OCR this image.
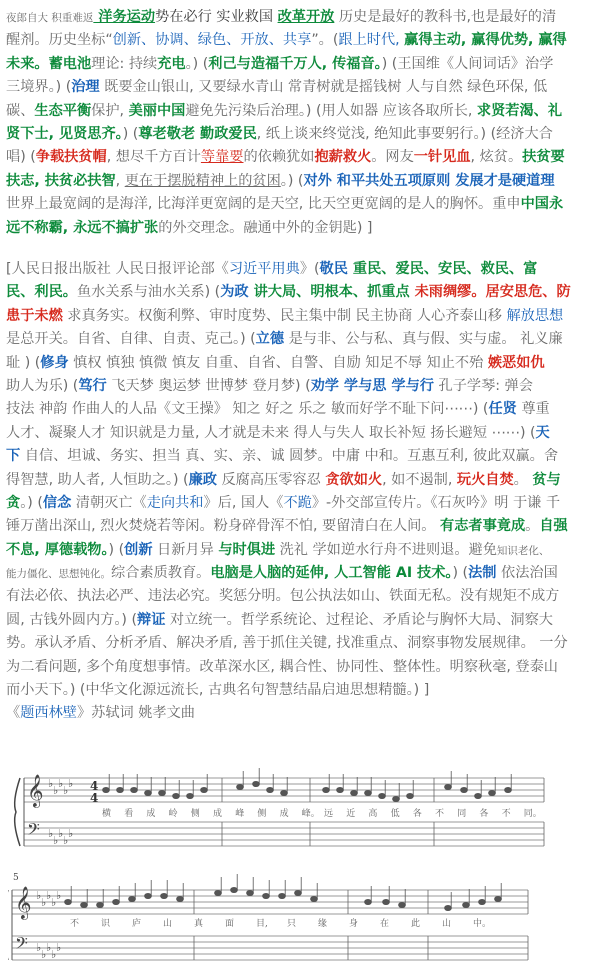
夜郎自大 积重难返 洋务运动势在必行 实业救国 改革开放 历史是最好的教科书,也是最好的清
醒剂。历史坐标“创新、协调、绿色、开放、共享”。(跟上时代, 赢得主动, 赢得优势, 赢得
未来。蓄电池理论: 持续充电。) (利己与造福千万人, 传福音。) (王国维《人间词话》治学
三境界。) (治理 既要金山银山, 又要绿水青山 常青树就是摇钱树 人与自然 绿色环保, 低
碳、生态平衡保护, 美丽中国避免先污染后治理。) (用人如器 应该各取所长, 求贤若渴、礼
贤下士, 见贤思齐。) (尊老敬老 勤政爱民, 纸上谈来终觉浅, 绝知此事要躬行。) (经济大合
唱) (争载扶贫帽, 想尽千方百计等靠要的依赖犹如抱薪救火。网友一针见血, 炫贫。扶贫要
扶志, 扶贫必扶智, 更在于摆脱精神上的贫困。) (对外 和平共处五项原则 发展才是硬道理
世界上最宽阔的是海洋, 比海洋更宽阔的是天空, 比天空更宽阔的是人的胸怀。重申中国永
远不称霸, 永远不搞扩张的外交理念。融通中外的金钥匙) ]
[人民日报出版社 人民日报评论部《习近平用典》(敬民 重民、爱民、安民、救民、富
民、利民。鱼水关系与油水关系) (为政 讲大局、明根本、抓重点 未雨绸缪。居安思危、防
患于未燃 求真务实。权衡利弊、审时度势、民主集中制 民主协商 人心齐泰山移 解放思想
是总开关。自省、自律、自责、克己。) (立德 是与非、公与私、真与假、实与虚。 礼义廉
耻 ) (修身 慎权 慎独 慎微 慎友 自重、自省、自警、自励 知足不辱 知止不殆 嫉恶如仇
助人为乐) (笃行 飞天梦 奥运梦 世博梦 登月梦) (劝学 学与思 学与行 孔子学琴: 弹会
技法 神韵 作曲人的人品《文王操》 知之 好之 乐之 敏而好学不耻下问⋯⋯) (任贤 尊重
人才、凝聚人才 知识就是力量, 人才就是未来 得人与失人 取长补短 扬长避短 ⋯⋯) (天
下 自信、坦诚、务实、担当 真、实、亲、诚 圆梦。中庸 中和。互惠互利, 彼此双赢。舍
得智慧, 助人者, 人恒助之。) (廉政 反腐高压零容忍 贪欲如火, 如不遏制, 玩火自焚。 贫与
贪。) (信念 清朝灭亡《走向共和》后, 国人《不跪》-外交部宣传片。《石灰吟》明 于谦 千
锤万凿出深山, 烈火焚烧若等闲。粉身碎骨浑不怕, 要留清白在人间。 有志者事竟成。自强
不息, 厚德载物。) (创新 日新月异 与时俱进 洗礼 学如逆水行舟不进则退。避免知识老化、
能力僵化、思想钝化。综合素质教育。电脑是人脑的延伸, 人工智能 AI 技术。) (法制 依法治国
有法必依、执法必严、违法必究。奖惩分明。包公执法如山、铁面无私。没有规矩不成方
圆, 古钱外圆内方。) (辩证 对立统一。哲学系统论、过程论、矛盾论与胸怀大局、洞察大
势。承认矛盾、分析矛盾、解决矛盾, 善于抓住关键, 找准重点、洞察事物发展规律。 一分
为二看问题, 多个角度想事情。改革深水区, 耦合性、协同性、整体性。明察秋毫, 登泰山
而小天下。) (中华文化源远流长, 古典名句智慧结晶启迪思想精髓。) ]
《题西林壁》苏轼词 姚孝文曲
𝄞
𝄢
♭
♭
♭
♭
♭
♭
♭
♭
♭
♭
𝄞
𝄢
♭
♭
♭
♭
♭
♭
♭
♭
♭
♭
5
4
4
横 看 成 岭 侧 成 峰 侧 成 峰。 远 近 高 低 各 不 同 各 不 同。
不 识 庐 山 真 面 目, 只 缘 身 在 此 山 中。
